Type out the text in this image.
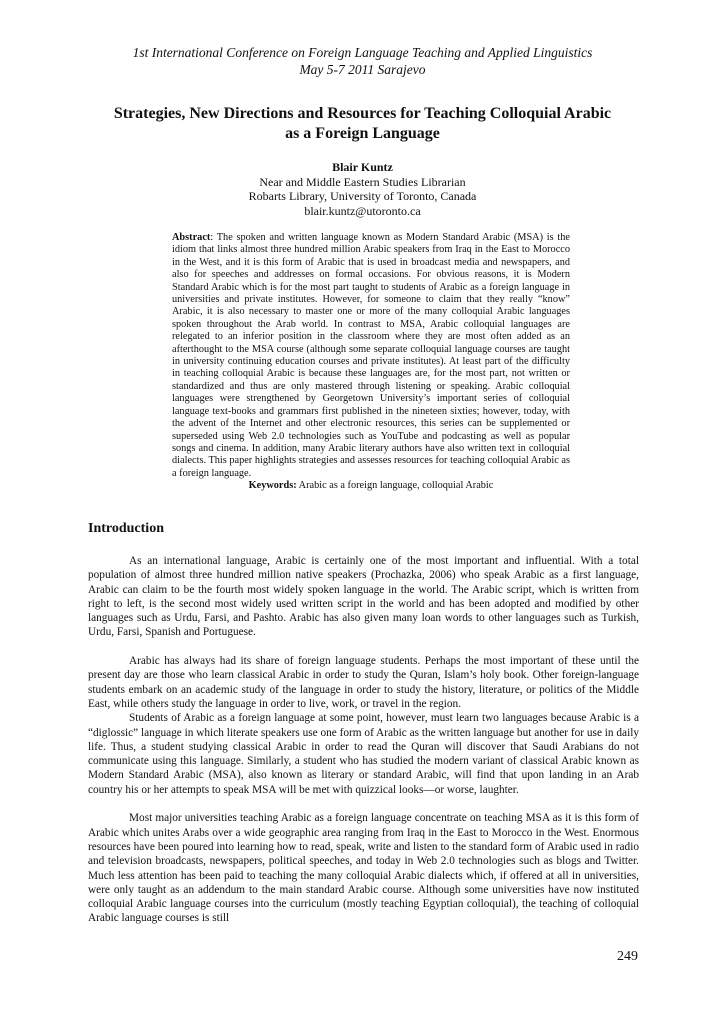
1st International Conference on Foreign Language Teaching and Applied Linguistics
May 5-7 2011 Sarajevo
Strategies, New Directions and Resources for Teaching Colloquial Arabic
as a Foreign Language
Blair Kuntz
Near and Middle Eastern Studies Librarian
Robarts Library, University of Toronto, Canada
blair.kuntz@utoronto.ca

Abstract: The spoken and written language known as Modern Standard Arabic (MSA) is the idiom that links almost three hundred million Arabic speakers from Iraq in the East to Morocco in the West, and it is this form of Arabic that is used in broadcast media and newspapers, and also for speeches and addresses on formal occasions. For obvious reasons, it is Modern Standard Arabic which is for the most part taught to students of Arabic as a foreign language in universities and private institutes. However, for someone to claim that they really “know” Arabic, it is also necessary to master one or more of the many colloquial Arabic languages spoken throughout the Arab world. In contrast to MSA, Arabic colloquial languages are relegated to an inferior position in the classroom where they are most often added as an afterthought to the MSA course (although some separate colloquial language courses are taught in university continuing education courses and private institutes). At least part of the difficulty in teaching colloquial Arabic is because these languages are, for the most part, not written or standardized and thus are only mastered through listening or speaking. Arabic colloquial languages were strengthened by Georgetown University’s important series of colloquial language text-books and grammars first published in the nineteen sixties; however, today, with the advent of the Internet and other electronic resources, this series can be supplemented or superseded using Web 2.0 technologies such as YouTube and podcasting as well as popular songs and cinema. In addition, many Arabic literary authors have also written text in colloquial dialects. This paper highlights strategies and assesses resources for teaching colloquial Arabic as a foreign language.

Keywords: Arabic as a foreign language, colloquial Arabic

Introduction

As an international language, Arabic is certainly one of the most important and influential. With a total population of almost three hundred million native speakers (Prochazka, 2006) who speak Arabic as a first language, Arabic can claim to be the fourth most widely spoken language in the world. The Arabic script, which is written from right to left, is the second most widely used written script in the world and has been adopted and modified by other languages such as Urdu, Farsi, and Pashto. Arabic has also given many loan words to other languages such as Turkish, Urdu, Farsi, Spanish and Portuguese.

Arabic has always had its share of foreign language students. Perhaps the most important of these until the present day are those who learn classical Arabic in order to study the Quran, Islam’s holy book. Other foreign-language students embark on an academic study of the language in order to study the history, literature, or politics of the Middle East, while others study the language in order to live, work, or travel in the region.

Students of Arabic as a foreign language at some point, however, must learn two languages because Arabic is a “diglossic” language in which literate speakers use one form of Arabic as the written language but another for use in daily life. Thus, a student studying classical Arabic in order to read the Quran will discover that Saudi Arabians do not communicate using this language. Similarly, a student who has studied the modern variant of classical Arabic known as Modern Standard Arabic (MSA), also known as literary or standard Arabic, will find that upon landing in an Arab country his or her attempts to speak MSA will be met with quizzical looks—or worse, laughter.

Most major universities teaching Arabic as a foreign language concentrate on teaching MSA as it is this form of Arabic which unites Arabs over a wide geographic area ranging from Iraq in the East to Morocco in the West. Enormous resources have been poured into learning how to read, speak, write and listen to the standard form of Arabic used in radio and television broadcasts, newspapers, political speeches, and today in Web 2.0 technologies such as blogs and Twitter. Much less attention has been paid to teaching the many colloquial Arabic dialects which, if offered at all in universities, were only taught as an addendum to the main standard Arabic course. Although some universities have now instituted colloquial Arabic language courses into the curriculum (mostly teaching Egyptian colloquial), the teaching of colloquial Arabic language courses is still

249
